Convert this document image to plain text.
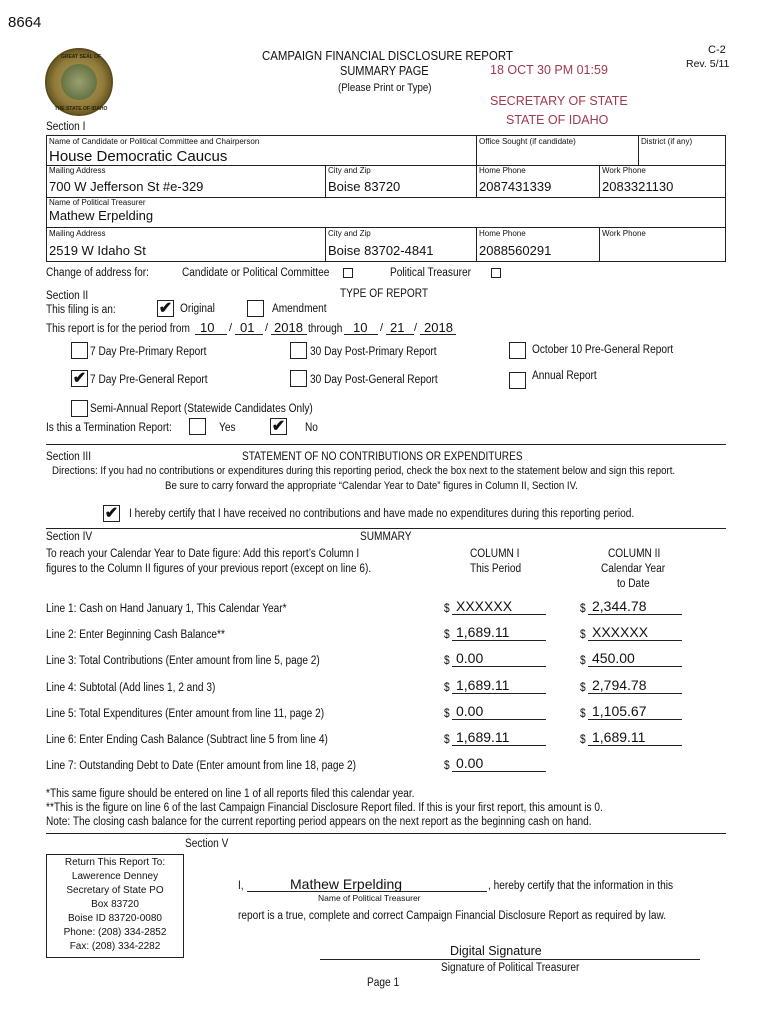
8664
GREAT SEAL OF
THE STATE OF IDAHO
CAMPAIGN FINANCIAL DISCLOSURE REPORT
SUMMARY PAGE
(Please Print or Type)
C-2
Rev. 5/11
18 OCT 30 PM 01:59
SECRETARY OF STATE
STATE OF IDAHO
Section I
Name of Candidate or Political Committee and Chairperson
House Democratic Caucus
Office Sought (if candidate)	District (if any)
Mailing Address
700 W Jefferson St #e-329
City and Zip
Boise 83720
Home Phone
2087431339
Work Phone
2083321130
Name of Political Treasurer
Mathew Erpelding
Mailing Address
2519 W Idaho St
City and Zip
Boise 83702-4841
Home Phone
2088560291
Work Phone
Change of address for:	Candidate or Political Committee	Political Treasurer
Section II	TYPE OF REPORT
This filing is an:	✔ Original	Amendment
This report is for the period from 10 / 01 / 2018 through 10 / 21 / 2018
7 Day Pre-Primary Report	30 Day Post-Primary Report	October 10 Pre-General Report
✔ 7 Day Pre-General Report	30 Day Post-General Report	Annual Report
Semi-Annual Report (Statewide Candidates Only)
Is this a Termination Report:	Yes ✔ No
Section III	STATEMENT OF NO CONTRIBUTIONS OR EXPENDITURES
Directions: If you had no contributions or expenditures during this reporting period, check the box next to the statement below and sign this report.
Be sure to carry forward the appropriate “Calendar Year to Date” figures in Column II, Section IV.
✔ I hereby certify that I have received no contributions and have made no expenditures during this reporting period.
Section IV	SUMMARY
To reach your Calendar Year to Date figure: Add this report’s Column I
figures to the Column II figures of your previous report (except on line 6).
COLUMN I
This Period
COLUMN II
Calendar Year
to Date
Line 1: Cash on Hand January 1, This Calendar Year*	$ XXXXXX	$ 2,344.78
Line 2: Enter Beginning Cash Balance**	$ 1,689.11	$ XXXXXX
Line 3: Total Contributions (Enter amount from line 5, page 2)	$ 0.00	$ 450.00
Line 4: Subtotal (Add lines 1, 2 and 3)	$ 1,689.11	$ 2,794.78
Line 5: Total Expenditures (Enter amount from line 11, page 2)	$ 0.00	$ 1,105.67
Line 6: Enter Ending Cash Balance (Subtract line 5 from line 4)	$ 1,689.11	$ 1,689.11
Line 7: Outstanding Debt to Date (Enter amount from line 18, page 2)	$ 0.00
*This same figure should be entered on line 1 of all reports filed this calendar year.
**This is the figure on line 6 of the last Campaign Financial Disclosure Report filed. If this is your first report, this amount is 0.
Note: The closing cash balance for the current reporting period appears on the next report as the beginning cash on hand.
Section V
Return This Report To:
Lawerence Denney
Secretary of State PO
Box 83720
Boise ID 83720-0080
Phone: (208) 334-2852
Fax: (208) 334-2282
I,	Mathew Erpelding	, hereby certify that the information in this
Name of Political Treasurer
report is a true, complete and correct Campaign Financial Disclosure Report as required by law.
Digital Signature
Signature of Political Treasurer
Page 1
